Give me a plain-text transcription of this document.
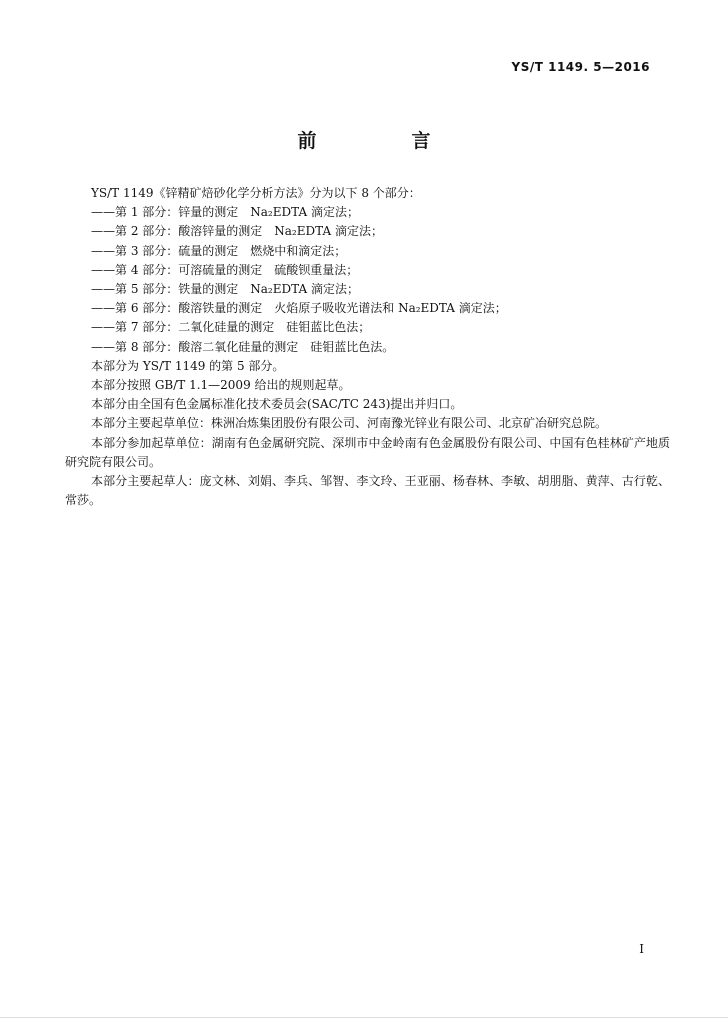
YS/T 1149. 5—2016
前　言
YS/T 1149《锌精矿焙砂化学分析方法》分为以下 8 个部分：
——第 1 部分：锌量的测定　Na₂EDTA 滴定法；
——第 2 部分：酸溶锌量的测定　Na₂EDTA 滴定法；
——第 3 部分：硫量的测定　燃烧中和滴定法；
——第 4 部分：可溶硫量的测定　硫酸钡重量法；
——第 5 部分：铁量的测定　Na₂EDTA 滴定法；
——第 6 部分：酸溶铁量的测定　火焰原子吸收光谱法和 Na₂EDTA 滴定法；
——第 7 部分：二氧化硅量的测定　硅钼蓝比色法；
——第 8 部分：酸溶二氧化硅量的测定　硅钼蓝比色法。
本部分为 YS/T 1149 的第 5 部分。
本部分按照 GB/T 1.1—2009 给出的规则起草。
本部分由全国有色金属标准化技术委员会(SAC/TC 243)提出并归口。
本部分主要起草单位：株洲冶炼集团股份有限公司、河南豫光锌业有限公司、北京矿冶研究总院。
本部分参加起草单位：湖南有色金属研究院、深圳市中金岭南有色金属股份有限公司、中国有色桂林矿产地质研究院有限公司。
本部分主要起草人：庞文林、刘娟、李兵、邹智、李文玲、王亚丽、杨春林、李敏、胡朋脂、黄萍、古行乾、常莎。
I
